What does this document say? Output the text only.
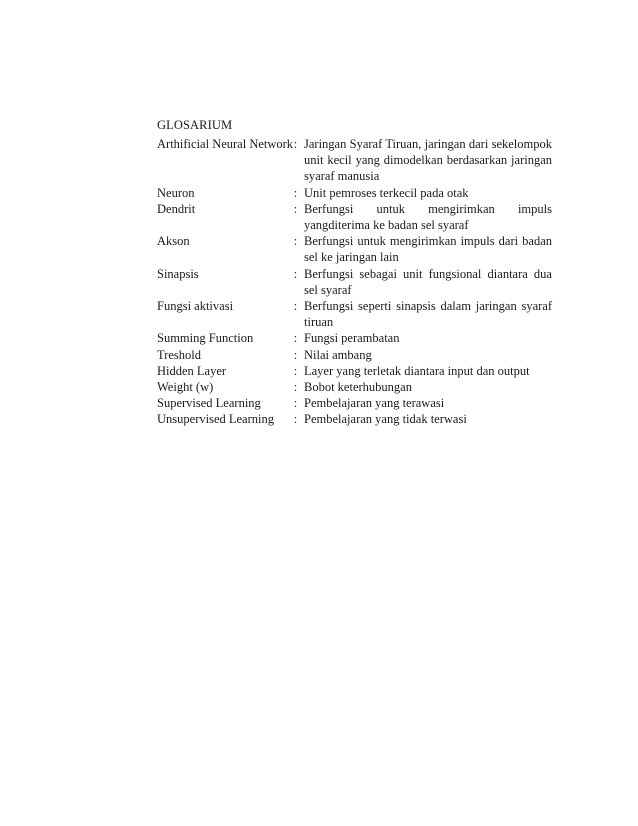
GLOSARIUM
Arthificial Neural Network : Jaringan Syaraf Tiruan, jaringan dari sekelompok unit kecil yang dimodelkan berdasarkan jaringan syaraf manusia
Neuron	: Unit pemroses terkecil pada otak
Dendrit	: Berfungsi untuk mengirimkan impuls yangditerima ke badan sel syaraf
Akson	: Berfungsi untuk mengirimkan impuls dari badan sel ke jaringan lain
Sinapsis	: Berfungsi sebagai unit fungsional diantara dua sel syaraf
Fungsi aktivasi	: Berfungsi seperti sinapsis dalam jaringan syaraf tiruan
Summing Function	: Fungsi perambatan
Treshold	: Nilai ambang
Hidden Layer	: Layer yang terletak diantara input dan output
Weight (w)	: Bobot keterhubungan
Supervised Learning	: Pembelajaran yang terawasi
Unsupervised Learning	: Pembelajaran yang tidak terwasi
